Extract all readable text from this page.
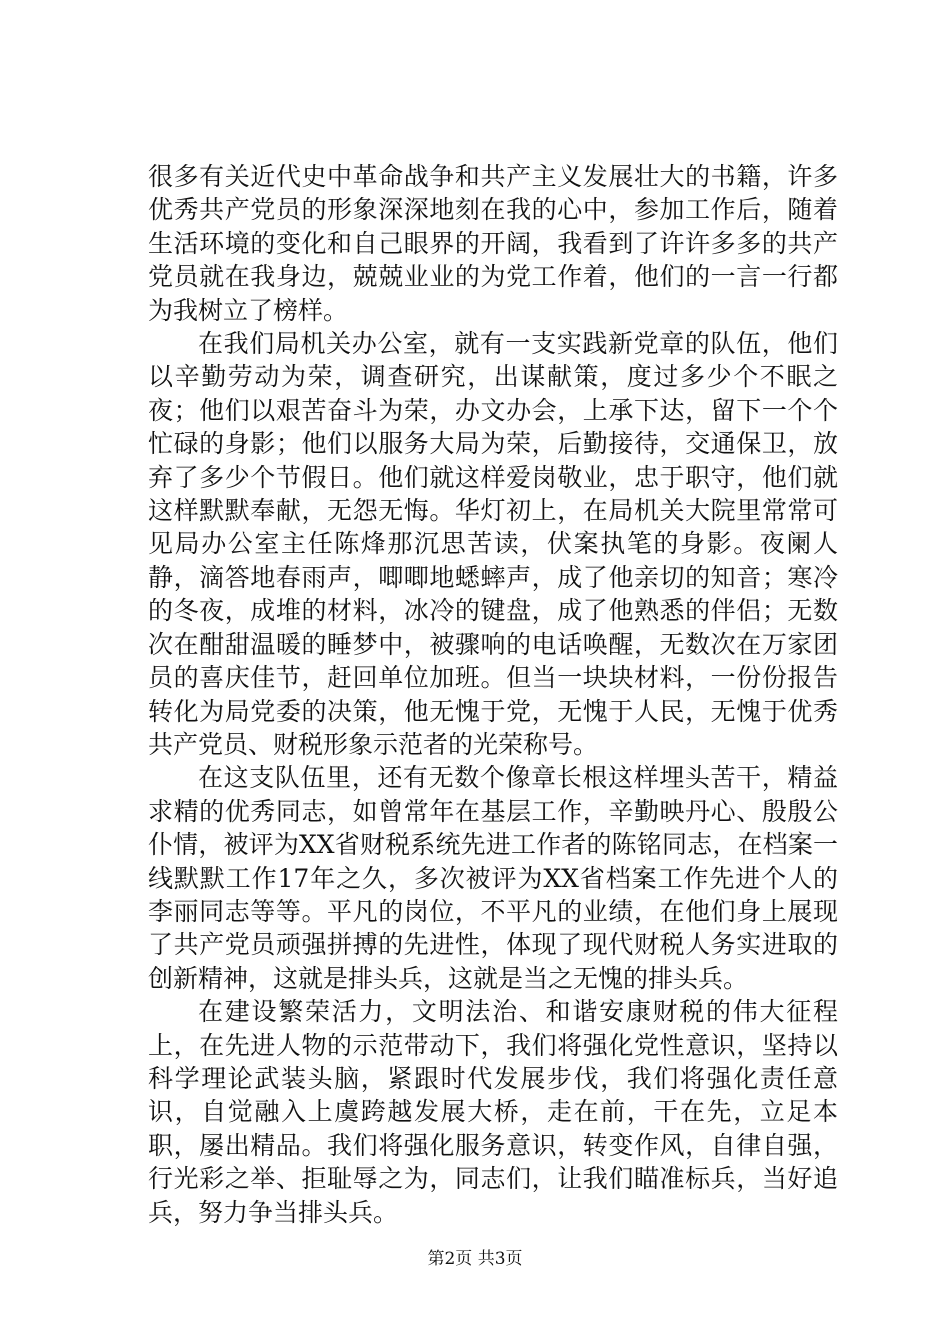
很多有关近代史中革命战争和共产主义发展壮大的书籍，许多优秀共产党员的形象深深地刻在我的心中，参加工作后，随着生活环境的变化和自己眼界的开阔，我看到了许许多多的共产党员就在我身边，兢兢业业的为党工作着，他们的一言一行都为我树立了榜样。

在我们局机关办公室，就有一支实践新党章的队伍，他们以辛勤劳动为荣，调查研究，出谋献策，度过多少个不眠之夜；他们以艰苦奋斗为荣，办文办会，上承下达，留下一个个忙碌的身影；他们以服务大局为荣，后勤接待，交通保卫，放弃了多少个节假日。他们就这样爱岗敬业，忠于职守，他们就这样默默奉献，无怨无悔。华灯初上，在局机关大院里常常可见局办公室主任陈烽那沉思苦读，伏案执笔的身影。夜阑人静，滴答地春雨声，唧唧地蟋蟀声，成了他亲切的知音；寒冷的冬夜，成堆的材料，冰冷的键盘，成了他熟悉的伴侣；无数次在酣甜温暖的睡梦中，被骤响的电话唤醒，无数次在万家团员的喜庆佳节，赶回单位加班。但当一块块材料，一份份报告转化为局党委的决策，他无愧于党，无愧于人民，无愧于优秀共产党员、财税形象示范者的光荣称号。

在这支队伍里，还有无数个像章长根这样埋头苦干，精益求精的优秀同志，如曾常年在基层工作，辛勤映丹心、殷殷公仆情，被评为XX省财税系统先进工作者的陈铭同志，在档案一线默默工作17年之久，多次被评为XX省档案工作先进个人的李丽同志等等。平凡的岗位，不平凡的业绩，在他们身上展现了共产党员顽强拼搏的先进性，体现了现代财税人务实进取的创新精神，这就是排头兵，这就是当之无愧的排头兵。

在建设繁荣活力，文明法治、和谐安康财税的伟大征程上，在先进人物的示范带动下，我们将强化党性意识，坚持以科学理论武装头脑，紧跟时代发展步伐，我们将强化责任意识，自觉融入上虞跨越发展大桥，走在前，干在先，立足本职，屡出精品。我们将强化服务意识，转变作风，自律自强，行光彩之举、拒耻辱之为，同志们，让我们瞄准标兵，当好追兵，努力争当排头兵。

第2页 共3页
